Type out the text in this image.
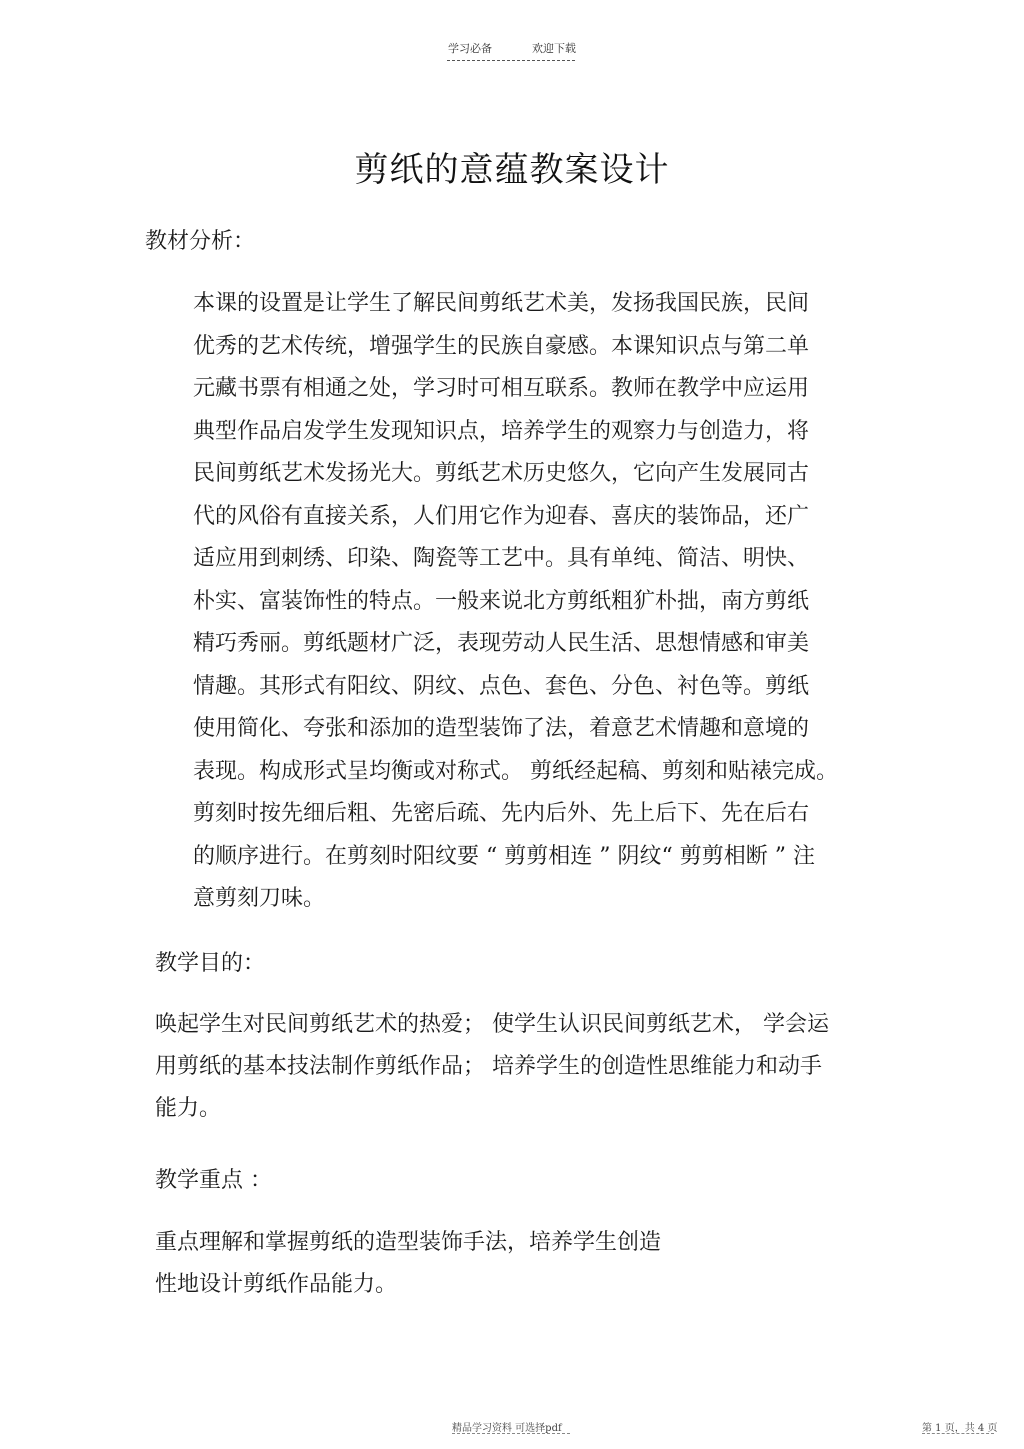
学习必备	欢迎下载
剪纸的意蕴教案设计
教材分析：
本课的设置是让学生了解民间剪纸艺术美，发扬我国民族，民间
优秀的艺术传统，增强学生的民族自豪感。本课知识点与第二单
元藏书票有相通之处，学习时可相互联系。教师在教学中应运用
典型作品启发学生发现知识点，培养学生的观察力与创造力，将
民间剪纸艺术发扬光大。剪纸艺术历史悠久，它向产生发展同古
代的风俗有直接关系，人们用它作为迎春、喜庆的装饰品，还广
适应用到刺绣、印染、陶瓷等工艺中。具有单纯、简洁、明快、
朴实、富装饰性的特点。一般来说北方剪纸粗犷朴拙，南方剪纸
精巧秀丽。剪纸题材广泛，表现劳动人民生活、思想情感和审美
情趣。其形式有阳纹、阴纹、点色、套色、分色、衬色等。剪纸
使用简化、夸张和添加的造型装饰了法，着意艺术情趣和意境的
表现。构成形式呈均衡或对称式。 剪纸经起稿、剪刻和贴裱完成。
剪刻时按先细后粗、先密后疏、先内后外、先上后下、先在后右
的顺序进行。在剪刻时阳纹要 “ 剪剪相连 ” 阴纹“ 剪剪相断 ” 注
意剪刻刀味。
教学目的：
唤起学生对民间剪纸艺术的热爱； 使学生认识民间剪纸艺术， 学会运
用剪纸的基本技法制作剪纸作品； 培养学生的创造性思维能力和动手
能力。
教学重点 ：
重点理解和掌握剪纸的造型装饰手法，培养学生创造
性地设计剪纸作品能力。
精品学习资料 可选择pdf	第 1 页，共 4 页
